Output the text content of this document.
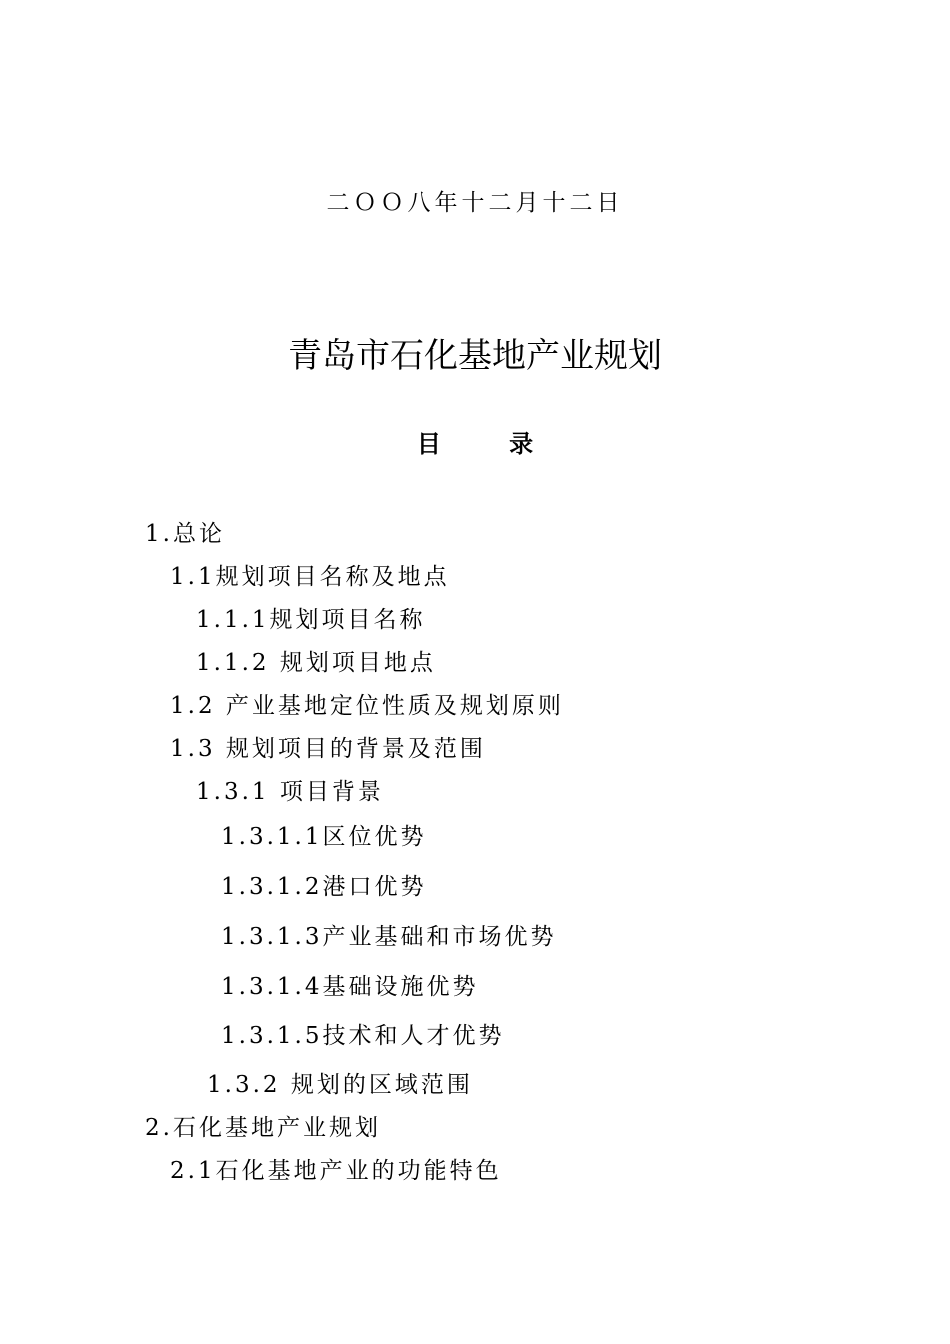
二ＯＯ八年十二月十二日
青岛市石化基地产业规划
目 录
1.总论
1.1规划项目名称及地点
1.1.1规划项目名称
1.1.2 规划项目地点
1.2 产业基地定位性质及规划原则
1.3 规划项目的背景及范围
1.3.1 项目背景
1.3.1.1区位优势
1.3.1.2港口优势
1.3.1.3产业基础和市场优势
1.3.1.4基础设施优势
1.3.1.5技术和人才优势
1.3.2 规划的区域范围
2.石化基地产业规划
2.1石化基地产业的功能特色
